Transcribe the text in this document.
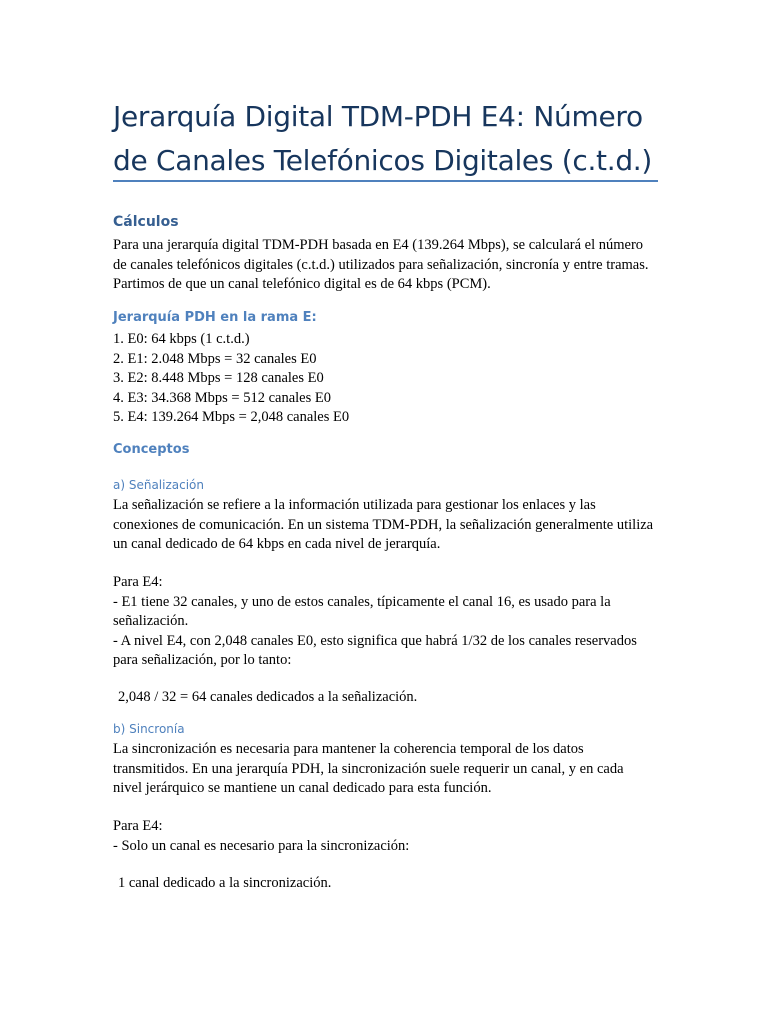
Jerarquía Digital TDM-PDH E4: Número
de Canales Telefónicos Digitales (c.t.d.)
Cálculos
Para una jerarquía digital TDM-PDH basada en E4 (139.264 Mbps), se calculará el número
de canales telefónicos digitales (c.t.d.) utilizados para señalización, sincronía y entre tramas.
Partimos de que un canal telefónico digital es de 64 kbps (PCM).
Jerarquía PDH en la rama E:
1. E0: 64 kbps (1 c.t.d.)
2. E1: 2.048 Mbps = 32 canales E0
3. E2: 8.448 Mbps = 128 canales E0
4. E3: 34.368 Mbps = 512 canales E0
5. E4: 139.264 Mbps = 2,048 canales E0
Conceptos
a) Señalización
La señalización se refiere a la información utilizada para gestionar los enlaces y las
conexiones de comunicación. En un sistema TDM-PDH, la señalización generalmente utiliza
un canal dedicado de 64 kbps en cada nivel de jerarquía.
Para E4:
- E1 tiene 32 canales, y uno de estos canales, típicamente el canal 16, es usado para la
señalización.
- A nivel E4, con 2,048 canales E0, esto significa que habrá 1/32 de los canales reservados
para señalización, por lo tanto:
2,048 / 32 = 64 canales dedicados a la señalización.
b) Sincronía
La sincronización es necesaria para mantener la coherencia temporal de los datos
transmitidos. En una jerarquía PDH, la sincronización suele requerir un canal, y en cada
nivel jerárquico se mantiene un canal dedicado para esta función.
Para E4:
- Solo un canal es necesario para la sincronización:
1 canal dedicado a la sincronización.
